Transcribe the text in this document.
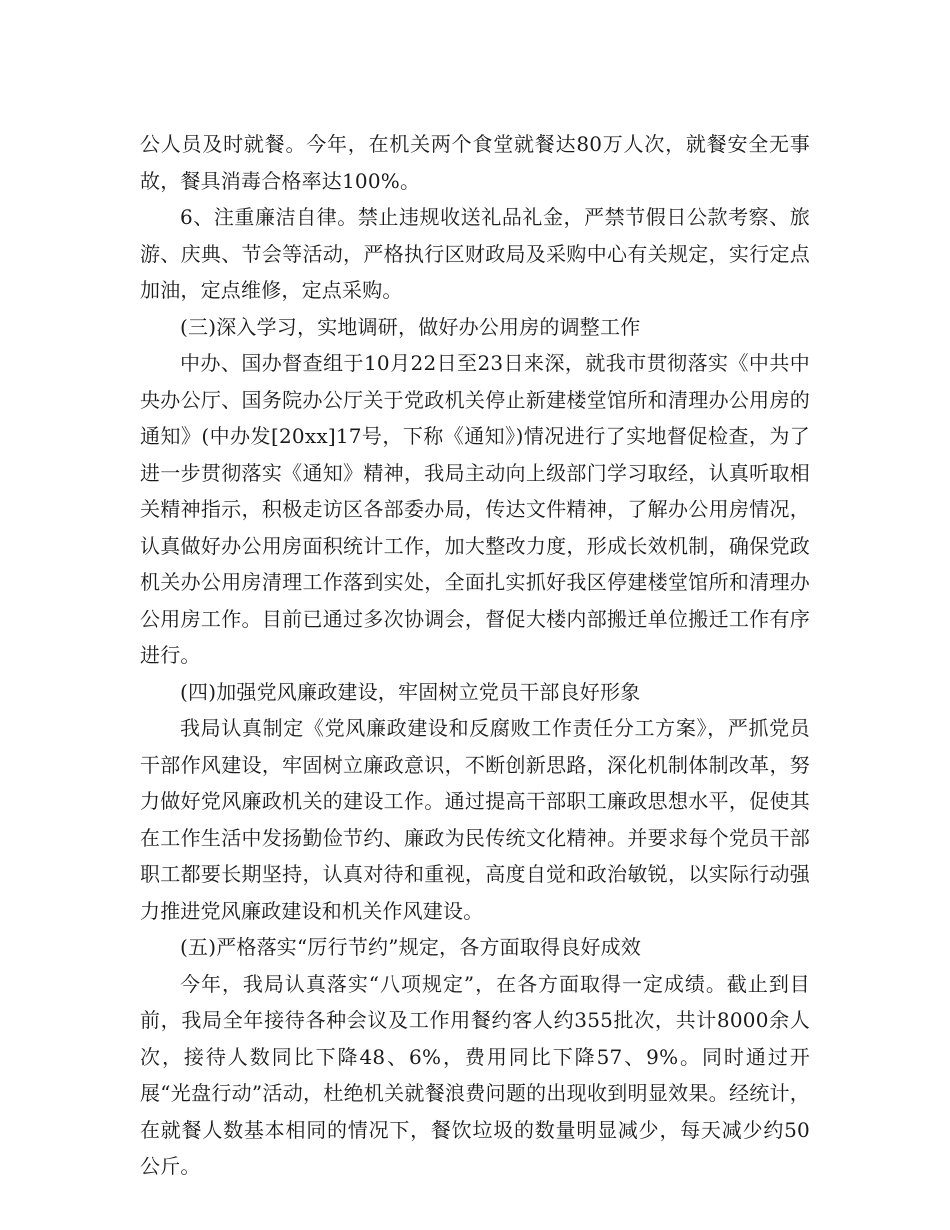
公人员及时就餐。今年，在机关两个食堂就餐达80万人次，就餐安全无事故，餐具消毒合格率达100%。

6、注重廉洁自律。禁止违规收送礼品礼金，严禁节假日公款考察、旅游、庆典、节会等活动，严格执行区财政局及采购中心有关规定，实行定点加油，定点维修，定点采购。

(三)深入学习，实地调研，做好办公用房的调整工作

中办、国办督查组于10月22日至23日来深，就我市贯彻落实《中共中央办公厅、国务院办公厅关于党政机关停止新建楼堂馆所和清理办公用房的通知》(中办发[20xx]17号，下称《通知》)情况进行了实地督促检查，为了进一步贯彻落实《通知》精神，我局主动向上级部门学习取经，认真听取相关精神指示，积极走访区各部委办局，传达文件精神，了解办公用房情况，认真做好办公用房面积统计工作，加大整改力度，形成长效机制，确保党政机关办公用房清理工作落到实处，全面扎实抓好我区停建楼堂馆所和清理办公用房工作。目前已通过多次协调会，督促大楼内部搬迁单位搬迁工作有序进行。

(四)加强党风廉政建设，牢固树立党员干部良好形象

我局认真制定《党风廉政建设和反腐败工作责任分工方案》，严抓党员干部作风建设，牢固树立廉政意识，不断创新思路，深化机制体制改革，努力做好党风廉政机关的建设工作。通过提高干部职工廉政思想水平，促使其在工作生活中发扬勤俭节约、廉政为民传统文化精神。并要求每个党员干部职工都要长期坚持，认真对待和重视，高度自觉和政治敏锐，以实际行动强力推进党风廉政建设和机关作风建设。

(五)严格落实“厉行节约”规定，各方面取得良好成效

今年，我局认真落实“八项规定”，在各方面取得一定成绩。截止到目前，我局全年接待各种会议及工作用餐约客人约355批次，共计8000余人次，接待人数同比下降48、6%，费用同比下降57、9%。同时通过开展“光盘行动”活动，杜绝机关就餐浪费问题的出现收到明显效果。经统计，在就餐人数基本相同的情况下，餐饮垃圾的数量明显减少，每天减少约50公斤。
